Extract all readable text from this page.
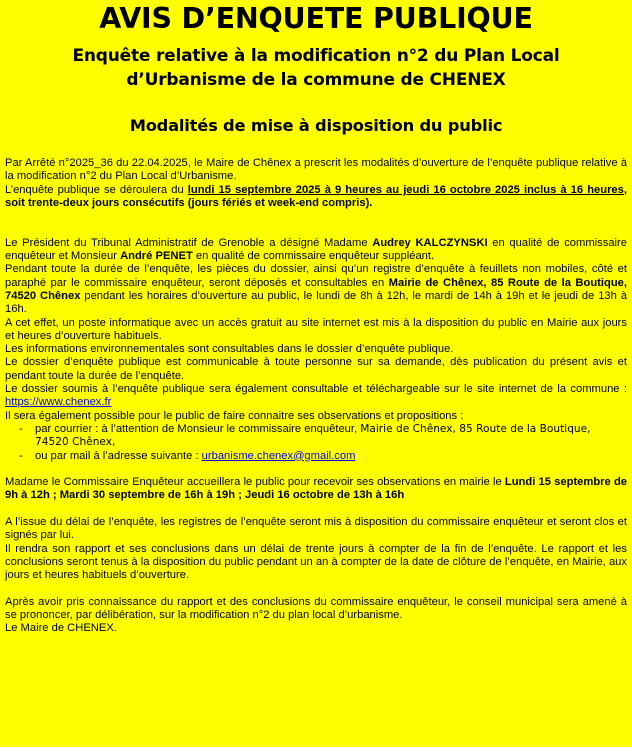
AVIS D’ENQUETE PUBLIQUE
Enquête relative à la modification n°2 du Plan Local d’Urbanisme de la commune de CHENEX
Modalités de mise à disposition du public

Par Arrêté n°2025_36 du 22.04.2025, le Maire de Chênex a prescrit les modalités d’ouverture de l’enquête publique relative à la modification n°2 du Plan Local d’Urbanisme.
L’enquête publique se déroulera du lundi 15 septembre 2025 à 9 heures au jeudi 16 octobre 2025 inclus à 16 heures, soit trente-deux jours consécutifs (jours fériés et week-end compris).

Le Président du Tribunal Administratif de Grenoble a désigné Madame Audrey KALCZYNSKI en qualité de commissaire enquêteur et Monsieur André PENET en qualité de commissaire enquêteur suppléant.

Pendant toute la durée de l’enquête, les pièces du dossier, ainsi qu’un registre d’enquête à feuillets non mobiles, côté et paraphé par le commissaire enquêteur, seront déposés et consultables en Mairie de Chênex, 85 Route de la Boutique, 74520 Chênex pendant les horaires d’ouverture au public, le lundi de 8h à 12h, le mardi de 14h à 19h et le jeudi de 13h à 16h.

A cet effet, un poste informatique avec un accès gratuit au site internet est mis à la disposition du public en Mairie aux jours et heures d’ouverture habituels.

Les informations environnementales sont consultables dans le dossier d’enquête publique.

Le dossier d’enquête publique est communicable à toute personne sur sa demande, dès publication du présent avis et pendant toute la durée de l’enquête.

Le dossier soumis à l’enquête publique sera également consultable et téléchargeable sur le site internet de la commune : https://www.chenex.fr

Il sera également possible pour le public de faire connaitre ses observations et propositions :

- par courrier : à l’attention de Monsieur le commissaire enquêteur, Mairie de Chênex, 85 Route de la Boutique, 74520 Chênex,
- ou par mail à l’adresse suivante : urbanisme.chenex@gmail.com

Madame le Commissaire Enquêteur accueillera le public pour recevoir ses observations en mairie le Lundi 15 septembre de 9h à 12h ; Mardi 30 septembre de 16h à 19h ; Jeudi 16 octobre de 13h à 16h

A l’issue du délai de l’enquête, les registres de l’enquête seront mis à disposition du commissaire enquêteur et seront clos et signés par lui.

Il rendra son rapport et ses conclusions dans un délai de trente jours à compter de la fin de l’enquête. Le rapport et les conclusions seront tenus à la disposition du public pendant un an à compter de la date de clôture de l’enquête, en Mairie, aux jours et heures habituels d’ouverture.

Après avoir pris connaissance du rapport et des conclusions du commissaire enquêteur, le conseil municipal sera amené à se prononcer, par délibération, sur la modification n°2 du plan local d’urbanisme.

Le Maire de CHENEX.
